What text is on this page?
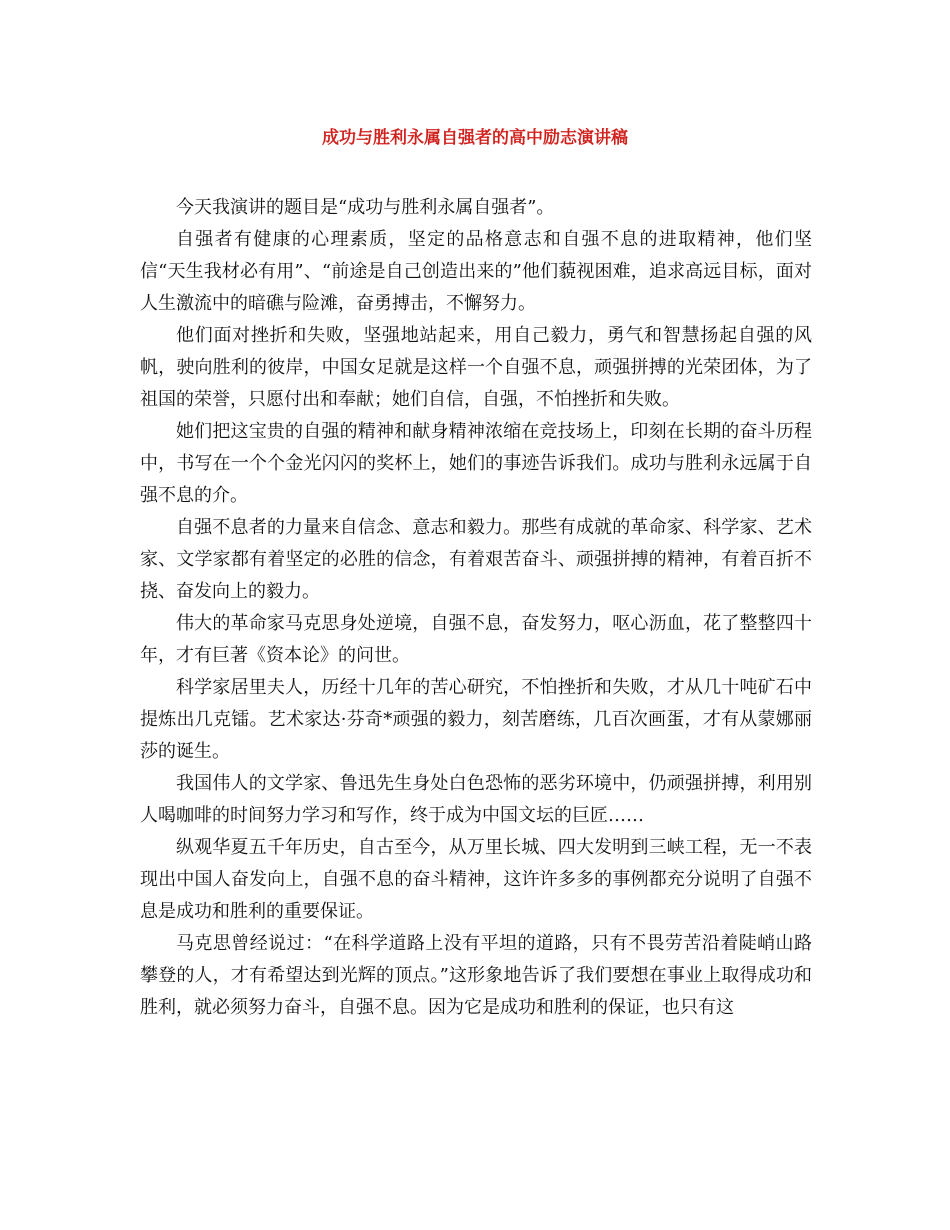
成功与胜利永属自强者的高中励志演讲稿

今天我演讲的题目是“成功与胜利永属自强者”。

自强者有健康的心理素质，坚定的品格意志和自强不息的进取精神，他们坚信“天生我材必有用”、“前途是自己创造出来的”他们藐视困难，追求高远目标，面对人生激流中的暗礁与险滩，奋勇搏击，不懈努力。

他们面对挫折和失败，坚强地站起来，用自己毅力，勇气和智慧扬起自强的风帆，驶向胜利的彼岸，中国女足就是这样一个自强不息，顽强拼搏的光荣团体，为了祖国的荣誉，只愿付出和奉献；她们自信，自强，不怕挫折和失败。

她们把这宝贵的自强的精神和献身精神浓缩在竞技场上，印刻在长期的奋斗历程中，书写在一个个金光闪闪的奖杯上，她们的事迹告诉我们。成功与胜利永远属于自强不息的介。

自强不息者的力量来自信念、意志和毅力。那些有成就的革命家、科学家、艺术家、文学家都有着坚定的必胜的信念，有着艰苦奋斗、顽强拼搏的精神，有着百折不挠、奋发向上的毅力。

伟大的革命家马克思身处逆境，自强不息，奋发努力，呕心沥血，花了整整四十年，才有巨著《资本论》的问世。

科学家居里夫人，历经十几年的苦心研究，不怕挫折和失败，才从几十吨矿石中提炼出几克镭。艺术家达·芬奇*顽强的毅力，刻苦磨练，几百次画蛋，才有从蒙娜丽莎的诞生。

我国伟人的文学家、鲁迅先生身处白色恐怖的恶劣环境中，仍顽强拼搏，利用别人喝咖啡的时间努力学习和写作，终于成为中国文坛的巨匠……

纵观华夏五千年历史，自古至今，从万里长城、四大发明到三峡工程，无一不表现出中国人奋发向上，自强不息的奋斗精神，这许许多多的事例都充分说明了自强不息是成功和胜利的重要保证。

马克思曾经说过：“在科学道路上没有平坦的道路，只有不畏劳苦沿着陡峭山路攀登的人，才有希望达到光辉的顶点。”这形象地告诉了我们要想在事业上取得成功和胜利，就必须努力奋斗，自强不息。因为它是成功和胜利的保证，也只有这
